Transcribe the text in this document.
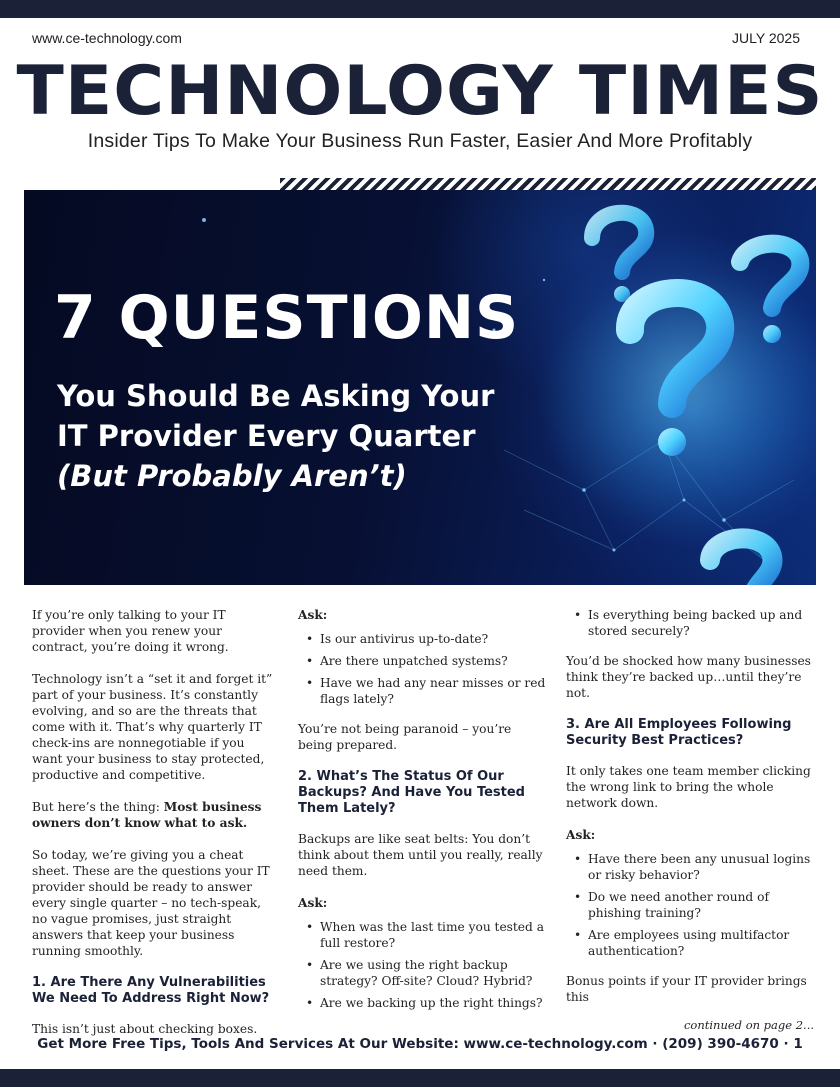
www.ce-technology.com	JULY 2025
TECHNOLOGY TIMES
Insider Tips To Make Your Business Run Faster, Easier And More Profitably
7 QUESTIONS
You Should Be Asking Your
IT Provider Every Quarter
(But Probably Aren’t)

If you’re only talking to your IT provider when you renew your contract, you’re doing it wrong.

Technology isn’t a “set it and forget it” part of your business. It’s constantly evolving, and so are the threats that come with it. That’s why quarterly IT check-ins are nonnegotiable if you want your business to stay protected, productive and competitive.

But here’s the thing: Most business owners don’t know what to ask.

So today, we’re giving you a cheat sheet. These are the questions your IT provider should be ready to answer every single quarter – no tech-speak, no vague promises, just straight answers that keep your business running smoothly.

1. Are There Any Vulnerabilities We Need To Address Right Now?

This isn’t just about checking boxes.

Ask:
• Is our antivirus up-to-date?
• Are there unpatched systems?
• Have we had any near misses or red flags lately?

You’re not being paranoid – you’re being prepared.

2. What’s The Status Of Our Backups? And Have You Tested Them Lately?

Backups are like seat belts: You don’t think about them until you really, really need them.

Ask:
• When was the last time you tested a full restore?
• Are we using the right backup strategy? Off-site? Cloud? Hybrid?
• Are we backing up the right things?
• Is everything being backed up and stored securely?

You’d be shocked how many businesses think they’re backed up…until they’re not.

3. Are All Employees Following Security Best Practices?

It only takes one team member clicking the wrong link to bring the whole network down.

Ask:
• Have there been any unusual logins or risky behavior?
• Do we need another round of phishing training?
• Are employees using multifactor authentication?

Bonus points if your IT provider brings this

continued on page 2...
Get More Free Tips, Tools And Services At Our Website: www.ce-technology.com · (209) 390-4670 · 1
